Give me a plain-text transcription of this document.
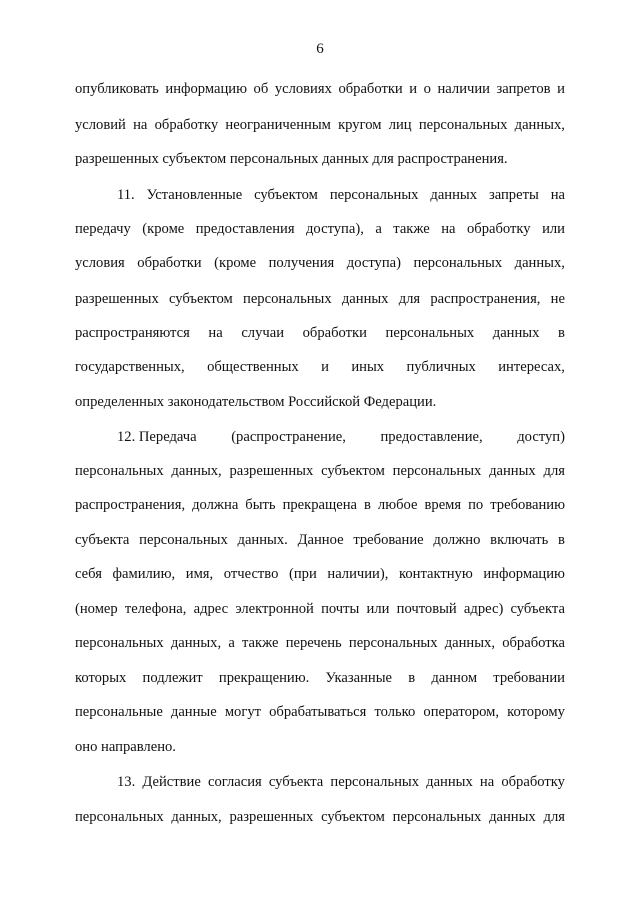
6
опубликовать информацию об условиях обработки и о наличии запретов и
условий на обработку неограниченным кругом лиц персональных данных,
разрешенных субъектом персональных данных для распространения.
11. Установленные субъектом персональных данных запреты на
передачу (кроме предоставления доступа), а также на обработку или
условия обработки (кроме получения доступа) персональных данных,
разрешенных субъектом персональных данных для распространения, не
распространяются на случаи обработки персональных данных в
государственных, общественных и иных публичных интересах,
определенных законодательством Российской Федерации.
12. Передача (распространение, предоставление, доступ)
персональных данных, разрешенных субъектом персональных данных для
распространения, должна быть прекращена в любое время по требованию
субъекта персональных данных. Данное требование должно включать в
себя фамилию, имя, отчество (при наличии), контактную информацию
(номер телефона, адрес электронной почты или почтовый адрес) субъекта
персональных данных, а также перечень персональных данных, обработка
которых подлежит прекращению. Указанные в данном требовании
персональные данные могут обрабатываться только оператором, которому
оно направлено.
13. Действие согласия субъекта персональных данных на обработку
персональных данных, разрешенных субъектом персональных данных для
